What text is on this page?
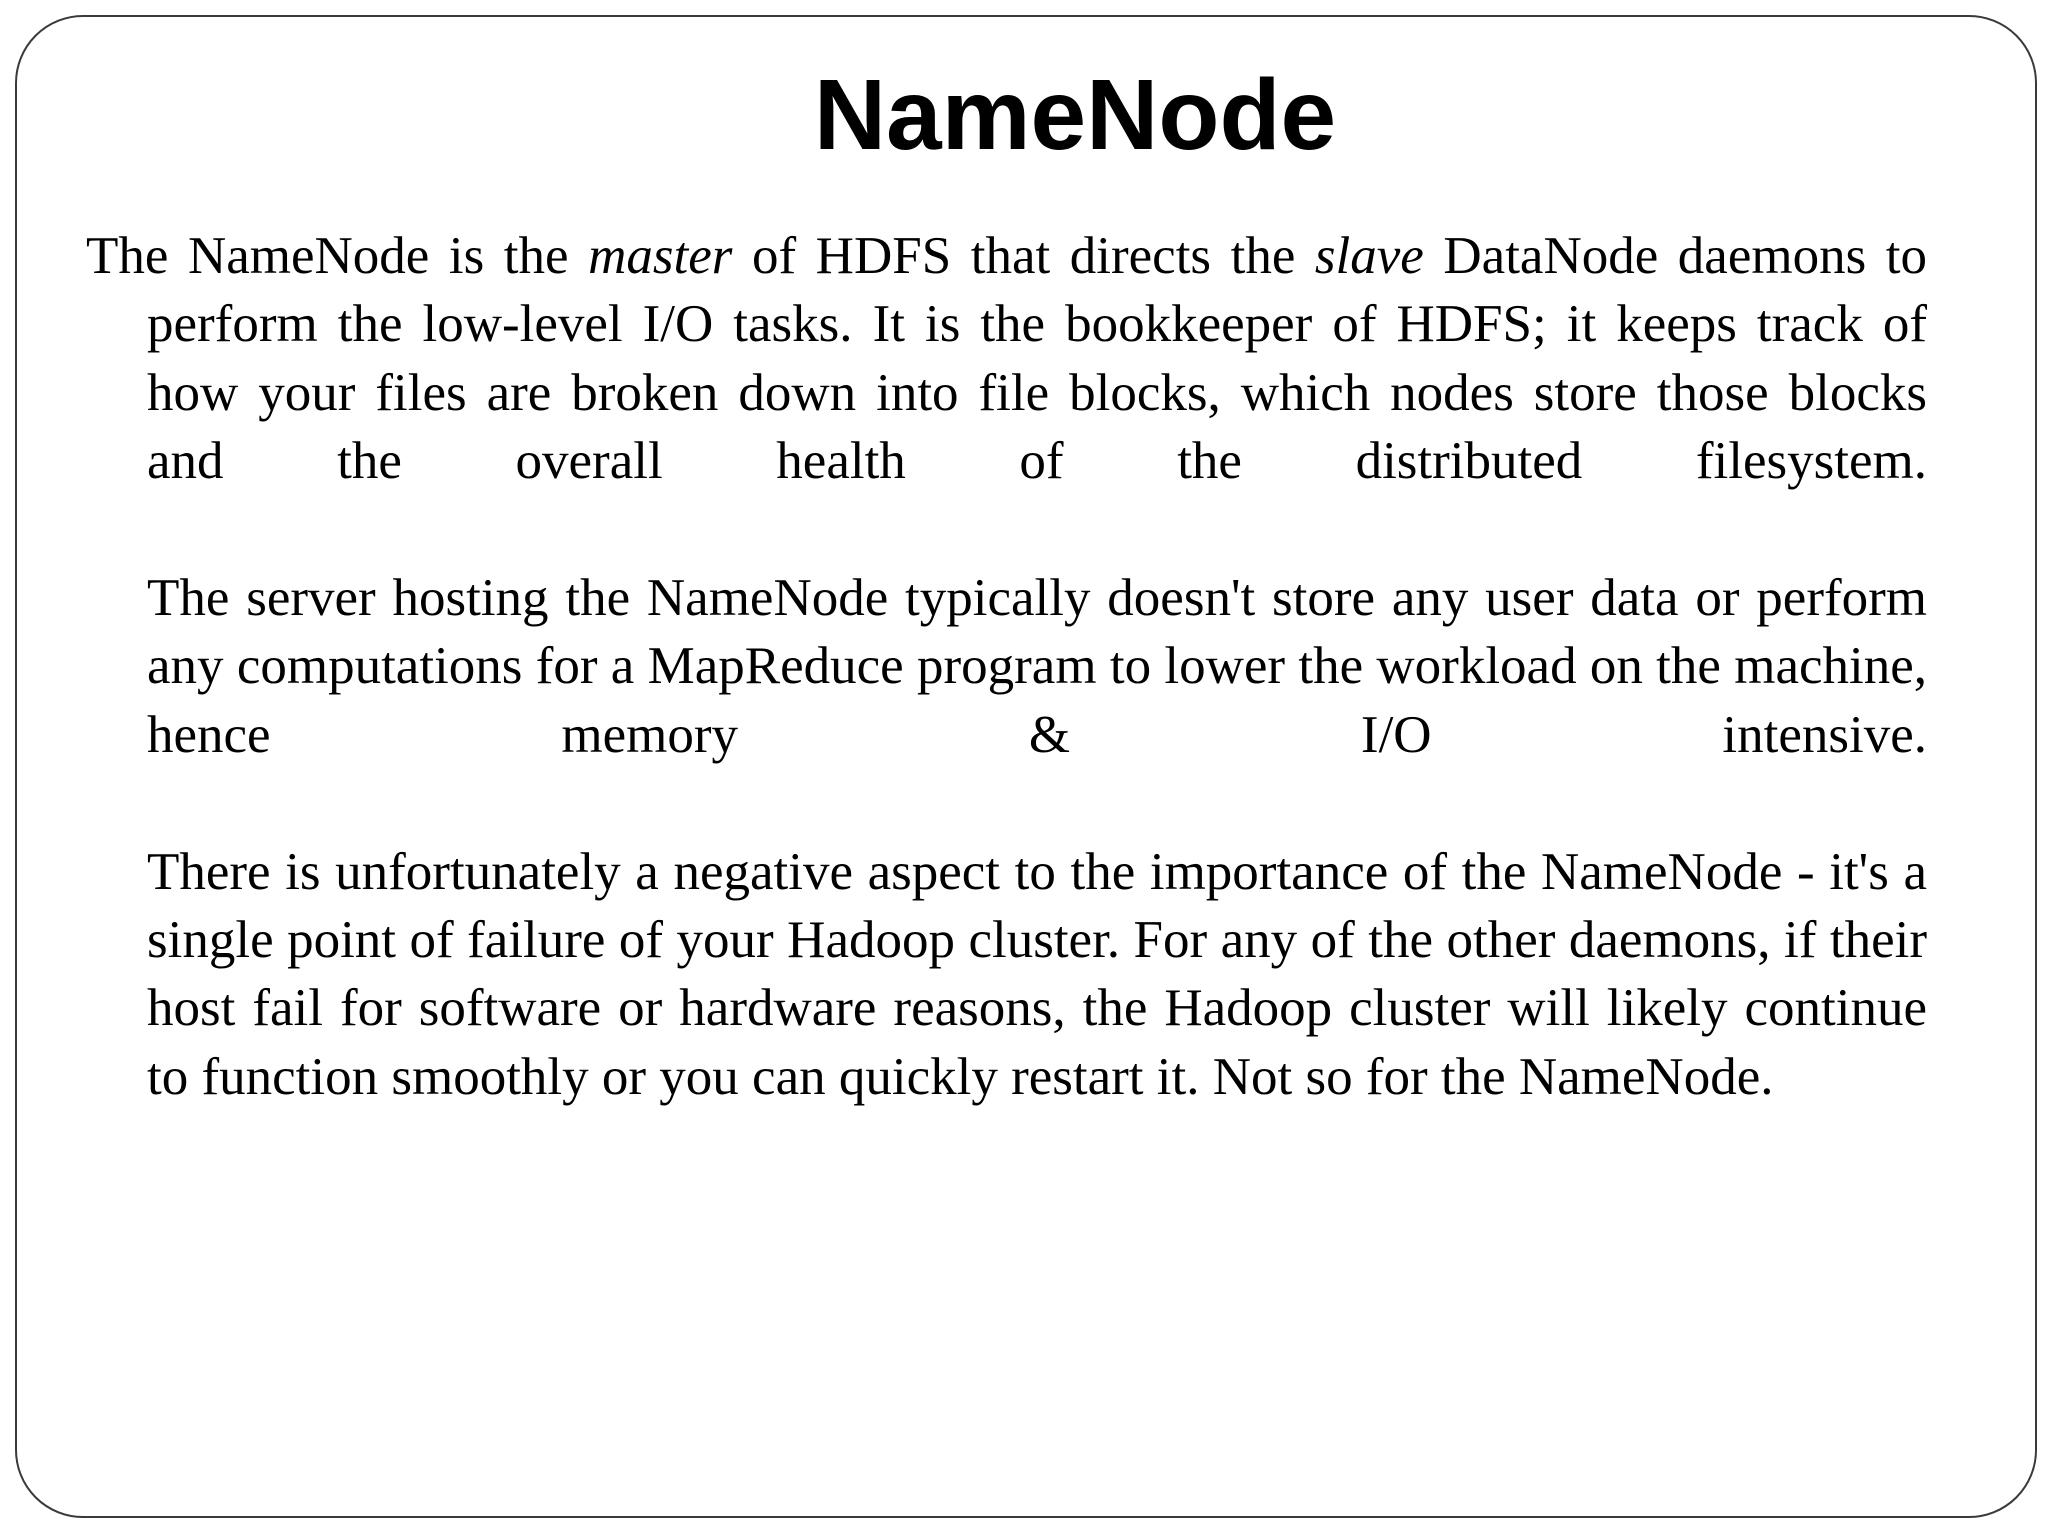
NameNode

The NameNode is the master of HDFS that directs the slave DataNode daemons to perform the low-level I/O tasks. It is the bookkeeper of HDFS; it keeps track of how your files are broken down into file blocks, which nodes store those blocks and the overall health of the distributed filesystem.

The server hosting the NameNode typically doesn't store any user data or perform any computations for a MapReduce program to lower the workload on the machine, hence memory & I/O intensive.

There is unfortunately a negative aspect to the importance of the NameNode - it's a single point of failure of your Hadoop cluster. For any of the other daemons, if their host fail for software or hardware reasons, the Hadoop cluster will likely continue to function smoothly or you can quickly restart it. Not so for the NameNode.
